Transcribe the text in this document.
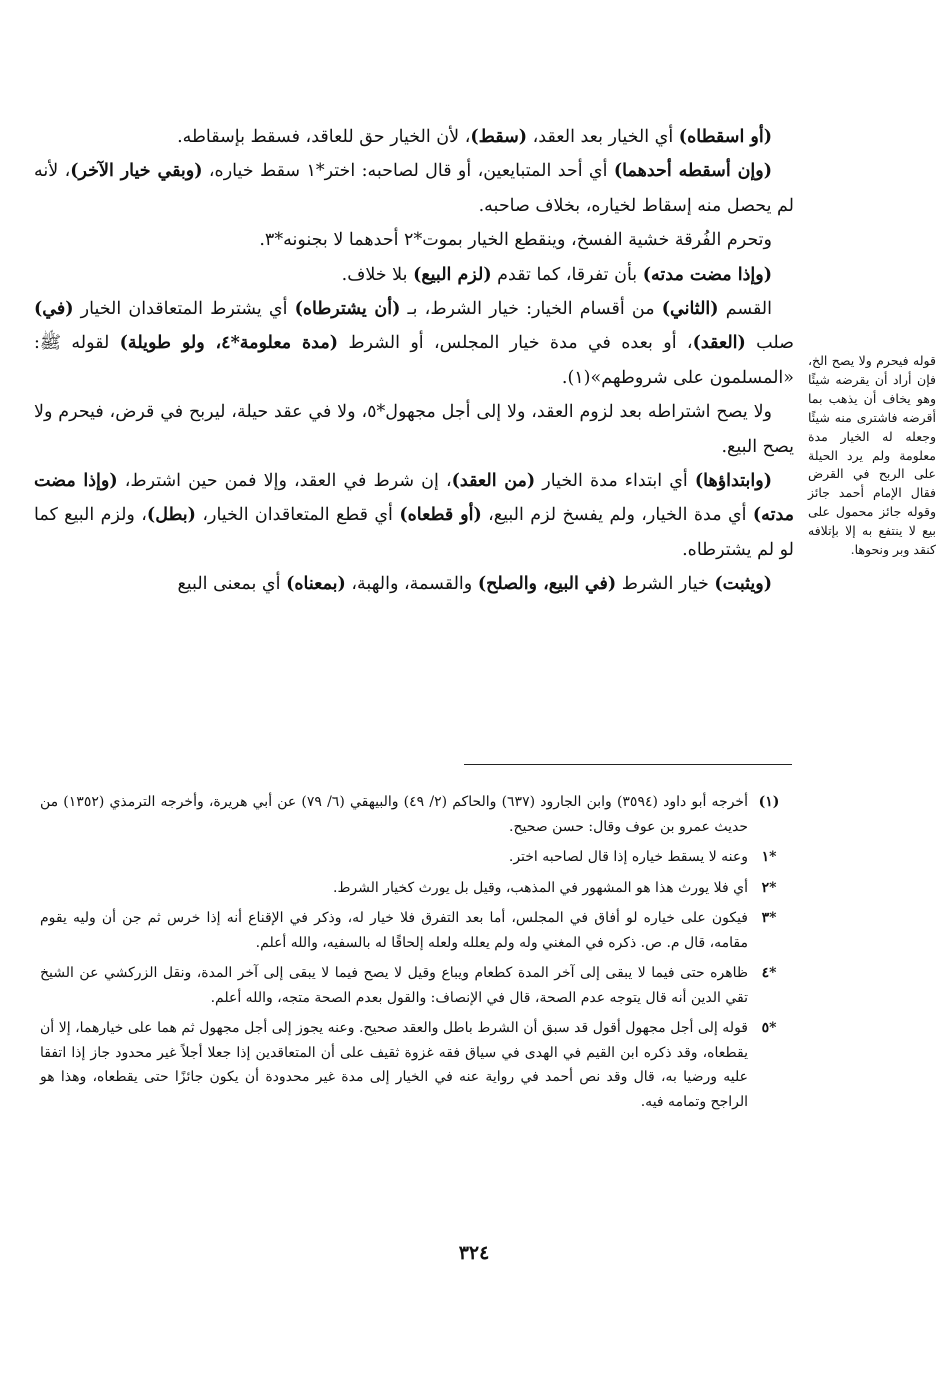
(أو اسقطاه) أي الخيار بعد العقد، (سقط)، لأن الخيار حق للعاقد، فسقط بإسقاطه.

(وإن أسقطه أحدهما) أي أحد المتبايعين، أو قال لصاحبه: اختر*١ سقط خياره، (وبقي خيار الآخر)، لأنه لم يحصل منه إسقاط لخياره، بخلاف صاحبه.

وتحرم الفُرقة خشية الفسخ، وينقطع الخيار بموت*٢ أحدهما لا بجنونه*٣.

(وإذا مضت مدته) بأن تفرقا، كما تقدم (لزم البيع) بلا خلاف.

القسم (الثاني) من أقسام الخيار: خيار الشرط، بـ (أن يشترطاه) أي يشترط المتعاقدان الخيار (في) صلب (العقد)، أو بعده في مدة خيار المجلس، أو الشرط (مدة معلومة*٤، ولو طويلة) لقوله ﷺ: «المسلمون على شروطهم»(١).

ولا يصح اشتراطه بعد لزوم العقد، ولا إلى أجل مجهول*٥، ولا في عقد حيلة، ليربح في قرض، فيحرم ولا يصح البيع.

(وابتداؤها) أي ابتداء مدة الخيار (من العقد)، إن شرط في العقد، وإلا فمن حين اشترط، (وإذا مضت مدته) أي مدة الخيار، ولم يفسخ لزم البيع، (أو قطعاه) أي قطع المتعاقدان الخيار، (بطل)، ولزم البيع كما لو لم يشترطاه.

(ويثبت) خيار الشرط (في البيع، والصلح) والقسمة، والهبة، (بمعناه) أي بمعنى البيع

قوله فيحرم ولا يصح الخ، فإن أراد أن يقرضه شيئًا وهو يخاف أن يذهب بما أقرضه فاشترى منه شيئًا وجعله له الخيار مدة معلومة ولم يرد الحيلة على الربح في القرض فقال الإمام أحمد جائز وقوله جائز محمول على بيع لا ينتفع به إلا بإتلافه كنقد وبر ونحوها.
(١)
أخرجه أبو داود (٣٥٩٤) وابن الجارود (٦٣٧) والحاكم (٢/ ٤٩) والبيهقي (٦/ ٧٩) عن أبي هريرة، وأخرجه الترمذي (١٣٥٢) من حديث عمرو بن عوف وقال: حسن صحيح.
*١
وعنه لا يسقط خياره إذا قال لصاحبه اختر.
*٢
أي فلا يورث هذا هو المشهور في المذهب، وقيل بل يورث كخيار الشرط.
*٣
فيكون على خياره لو أفاق في المجلس، أما بعد التفرق فلا خيار له، وذكر في الإقناع أنه إذا خرس ثم جن أن وليه يقوم مقامه، قال م. ص. ذكره في المغني وله ولم يعلله ولعله إلحاقًا له بالسفيه، والله أعلم.
*٤
ظاهره حتى فيما لا يبقى إلى آخر المدة كطعام ويباع وقيل لا يصح فيما لا يبقى إلى آخر المدة، ونقل الزركشي عن الشيخ تقي الدين أنه قال يتوجه عدم الصحة، قال في الإنصاف: والقول بعدم الصحة متجه، والله أعلم.
*٥
قوله إلى أجل مجهول أقول قد سبق أن الشرط باطل والعقد صحيح. وعنه يجوز إلى أجل مجهول ثم هما على خيارهما، إلا أن يقطعاه، وقد ذكره ابن القيم في الهدى في سياق فقه غزوة ثقيف على أن المتعاقدين إذا جعلا أجلاً غير محدود جاز إذا اتفقا عليه ورضيا به، قال وقد نص أحمد في رواية عنه في الخيار إلى مدة غير محدودة أن يكون جائزًا حتى يقطعاه، وهذا هو الراجح وتمامه فيه.
٣٢٤
